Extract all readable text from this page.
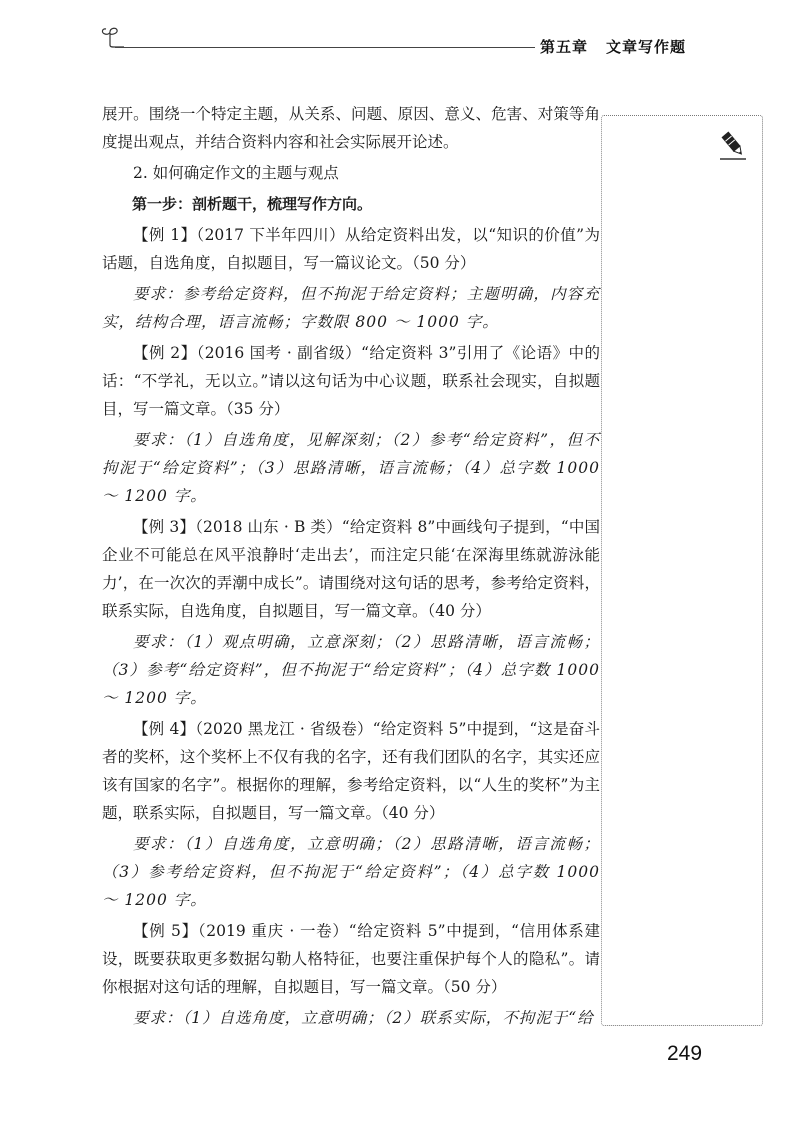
第五章 文章写作题

展开。围绕一个特定主题，从关系、问题、原因、意义、危害、对策等角度提出观点，并结合资料内容和社会实际展开论述。

2. 如何确定作文的主题与观点

第一步：剖析题干，梳理写作方向。

【例 1】（2017 下半年四川）从给定资料出发，以“知识的价值”为话题，自选角度，自拟题目，写一篇议论文。（50 分）

要求：参考给定资料，但不拘泥于给定资料；主题明确，内容充实，结构合理，语言流畅；字数限 800 ～ 1000 字。

【例 2】（2016 国考 · 副省级）“给定资料 3”引用了《论语》中的话：“不学礼，无以立。”请以这句话为中心议题，联系社会现实，自拟题目，写一篇文章。（35 分）

要求：（1）自选角度，见解深刻；（2）参考“给定资料”，但不拘泥于“给定资料”；（3）思路清晰，语言流畅；（4）总字数 1000 ～ 1200 字。

【例 3】（2018 山东 · B 类）“给定资料 8”中画线句子提到，“中国企业不可能总在风平浪静时‘走出去’，而注定只能‘在深海里练就游泳能力’，在一次次的弄潮中成长”。请围绕对这句话的思考，参考给定资料，联系实际，自选角度，自拟题目，写一篇文章。（40 分）

要求：（1）观点明确，立意深刻；（2）思路清晰，语言流畅；（3）参考“给定资料”，但不拘泥于“给定资料”；（4）总字数 1000 ～ 1200 字。

【例 4】（2020 黑龙江 · 省级卷）“给定资料 5”中提到，“这是奋斗者的奖杯，这个奖杯上不仅有我的名字，还有我们团队的名字，其实还应该有国家的名字”。根据你的理解，参考给定资料，以“人生的奖杯”为主题，联系实际，自拟题目，写一篇文章。（40 分）

要求：（1）自选角度，立意明确；（2）思路清晰，语言流畅；（3）参考给定资料，但不拘泥于“给定资料”；（4）总字数 1000 ～ 1200 字。

【例 5】（2019 重庆 · 一卷）“给定资料 5”中提到，“信用体系建设，既要获取更多数据勾勒人格特征，也要注重保护每个人的隐私”。请你根据对这句话的理解，自拟题目，写一篇文章。（50 分）

要求：（1）自选角度，立意明确；（2）联系实际，不拘泥于“给

249
